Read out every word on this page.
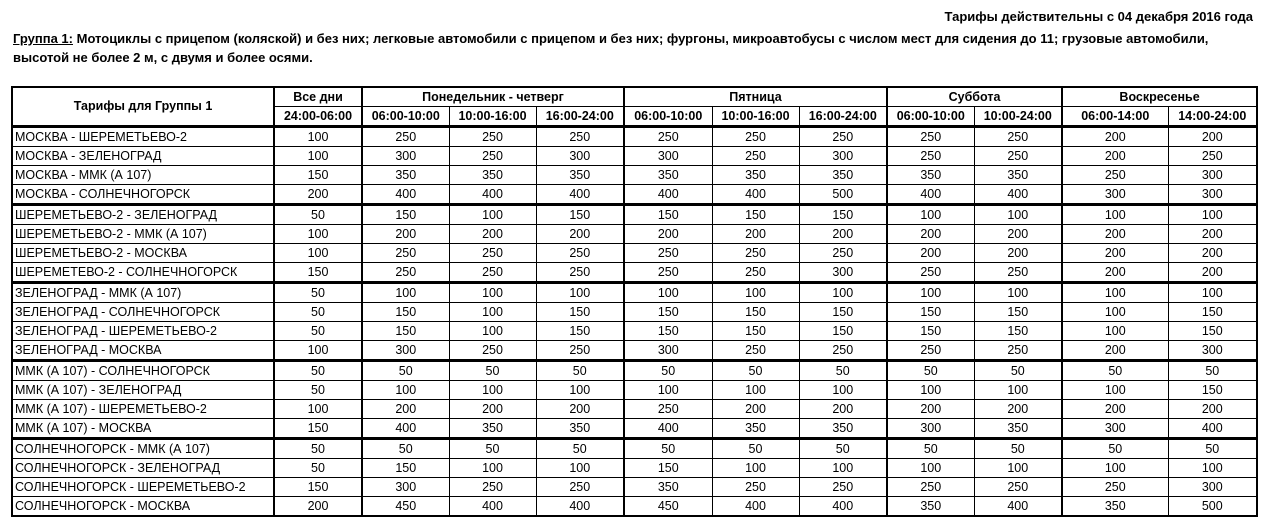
Тарифы действительны с 04 декабря 2016 года
Группа 1: Мотоциклы с прицепом (коляской) и без них; легковые автомобили с прицепом и без них; фургоны, микроавтобусы с числом мест для сидения до 11; грузовые автомобили, высотой не более 2 м, с двумя и более осями.
Тарифы для Группы 1	Все дни	Понедельник - четверг			Пятница			Суббота		Воскресенье	
	24:00-06:00	06:00-10:00	10:00-16:00	16:00-24:00	06:00-10:00	10:00-16:00	16:00-24:00	06:00-10:00	10:00-24:00	06:00-14:00	14:00-24:00
МОСКВА - ШЕРЕМЕТЬЕВО-2	100	250	250	250	250	250	250	250	250	200	200
МОСКВА - ЗЕЛЕНОГРАД	100	300	250	300	300	250	300	250	250	200	250
МОСКВА - ММК (А 107)	150	350	350	350	350	350	350	350	350	250	300
МОСКВА - СОЛНЕЧНОГОРСК	200	400	400	400	400	400	500	400	400	300	300
ШЕРЕМЕТЬЕВО-2 - ЗЕЛЕНОГРАД	50	150	100	150	150	150	150	100	100	100	100
ШЕРЕМЕТЬЕВО-2 - ММК (А 107)	100	200	200	200	200	200	200	200	200	200	200
ШЕРЕМЕТЬЕВО-2 - МОСКВА	100	250	250	250	250	250	250	200	200	200	200
ШЕРЕМЕТЕВО-2 - СОЛНЕЧНОГОРСК	150	250	250	250	250	250	300	250	250	200	200
ЗЕЛЕНОГРАД - ММК (А 107)	50	100	100	100	100	100	100	100	100	100	100
ЗЕЛЕНОГРАД - СОЛНЕЧНОГОРСК	50	150	100	150	150	150	150	150	150	100	150
ЗЕЛЕНОГРАД - ШЕРЕМЕТЬЕВО-2	50	150	100	150	150	150	150	150	150	100	150
ЗЕЛЕНОГРАД - МОСКВА	100	300	250	250	300	250	250	250	250	200	300
ММК (А 107) - СОЛНЕЧНОГОРСК	50	50	50	50	50	50	50	50	50	50	50
ММК (А 107) - ЗЕЛЕНОГРАД	50	100	100	100	100	100	100	100	100	100	150
ММК (А 107) - ШЕРЕМЕТЬЕВО-2	100	200	200	200	250	200	200	200	200	200	200
ММК (А 107) - МОСКВА	150	400	350	350	400	350	350	300	350	300	400
СОЛНЕЧНОГОРСК - ММК (А 107)	50	50	50	50	50	50	50	50	50	50	50
СОЛНЕЧНОГОРСК - ЗЕЛЕНОГРАД	50	150	100	100	150	100	100	100	100	100	100
СОЛНЕЧНОГОРСК - ШЕРЕМЕТЬЕВО-2	150	300	250	250	350	250	250	250	250	250	300
СОЛНЕЧНОГОРСК - МОСКВА	200	450	400	400	450	400	400	350	400	350	500
